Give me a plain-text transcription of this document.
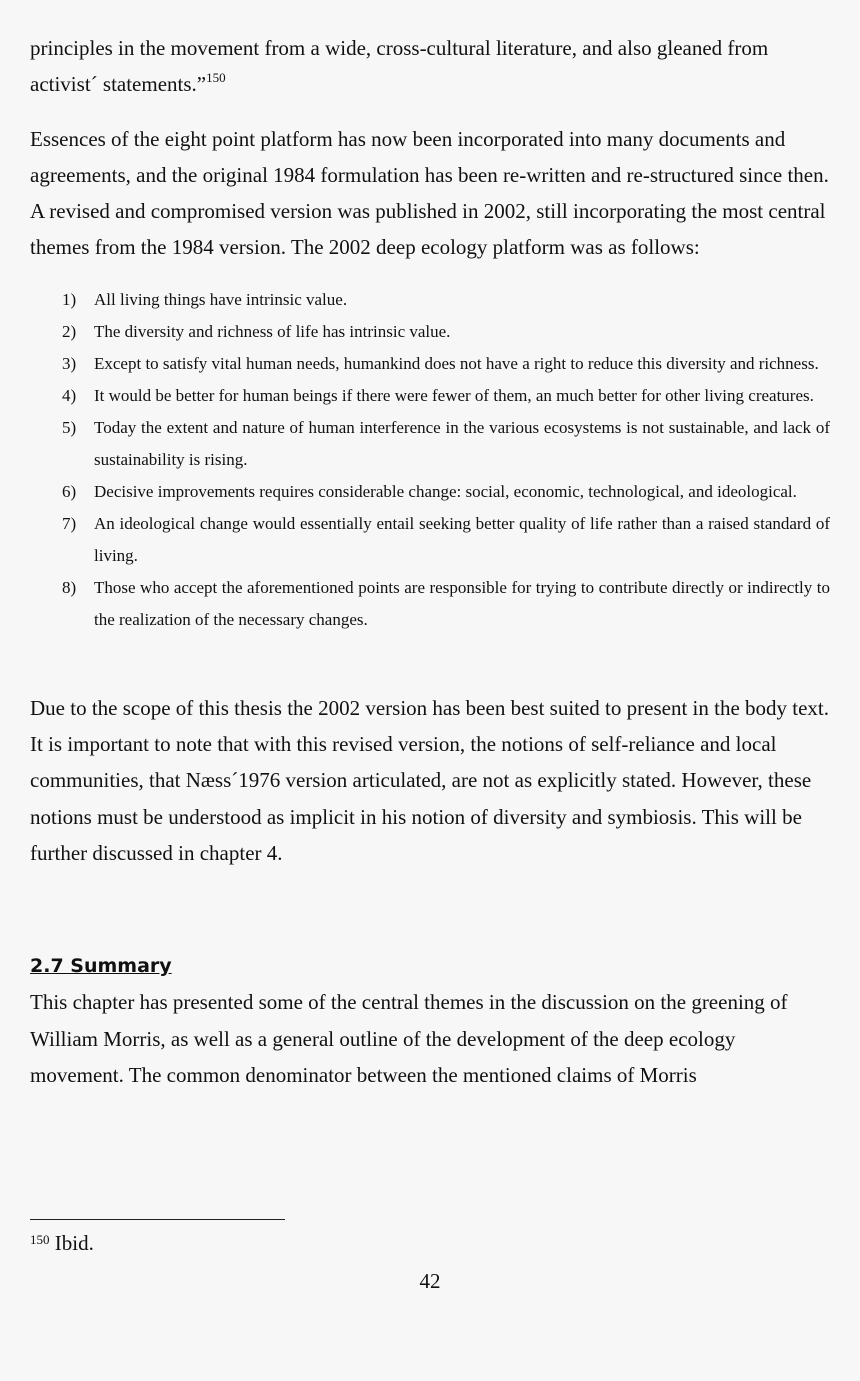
principles in the movement from a wide, cross-cultural literature, and also gleaned from activist´ statements.”$^{150}$

Essences of the eight point platform has now been incorporated into many documents and agreements, and the original 1984 formulation has been re-written and re-structured since then. A revised and compromised version was published in 2002, still incorporating the most central themes from the 1984 version. The 2002 deep ecology platform was as follows:

1) All living things have intrinsic value.
2) The diversity and richness of life has intrinsic value.
3) Except to satisfy vital human needs, humankind does not have a right to reduce this diversity and richness.
4) It would be better for human beings if there were fewer of them, an much better for other living creatures.
5) Today the extent and nature of human interference in the various ecosystems is not sustainable, and lack of sustainability is rising.
6) Decisive improvements requires considerable change: social, economic, technological, and ideological.
7) An ideological change would essentially entail seeking better quality of life rather than a raised standard of living.
8) Those who accept the aforementioned points are responsible for trying to contribute directly or indirectly to the realization of the necessary changes.

Due to the scope of this thesis the 2002 version has been best suited to present in the body text. It is important to note that with this revised version, the notions of self-reliance and local communities, that Næss´1976 version articulated, are not as explicitly stated. However, these notions must be understood as implicit in his notion of diversity and symbiosis. This will be further discussed in chapter 4.

2.7 Summary

This chapter has presented some of the central themes in the discussion on the greening of William Morris, as well as a general outline of the development of the deep ecology movement. The common denominator between the mentioned claims of Morris

$^{150}$ Ibid.
42
